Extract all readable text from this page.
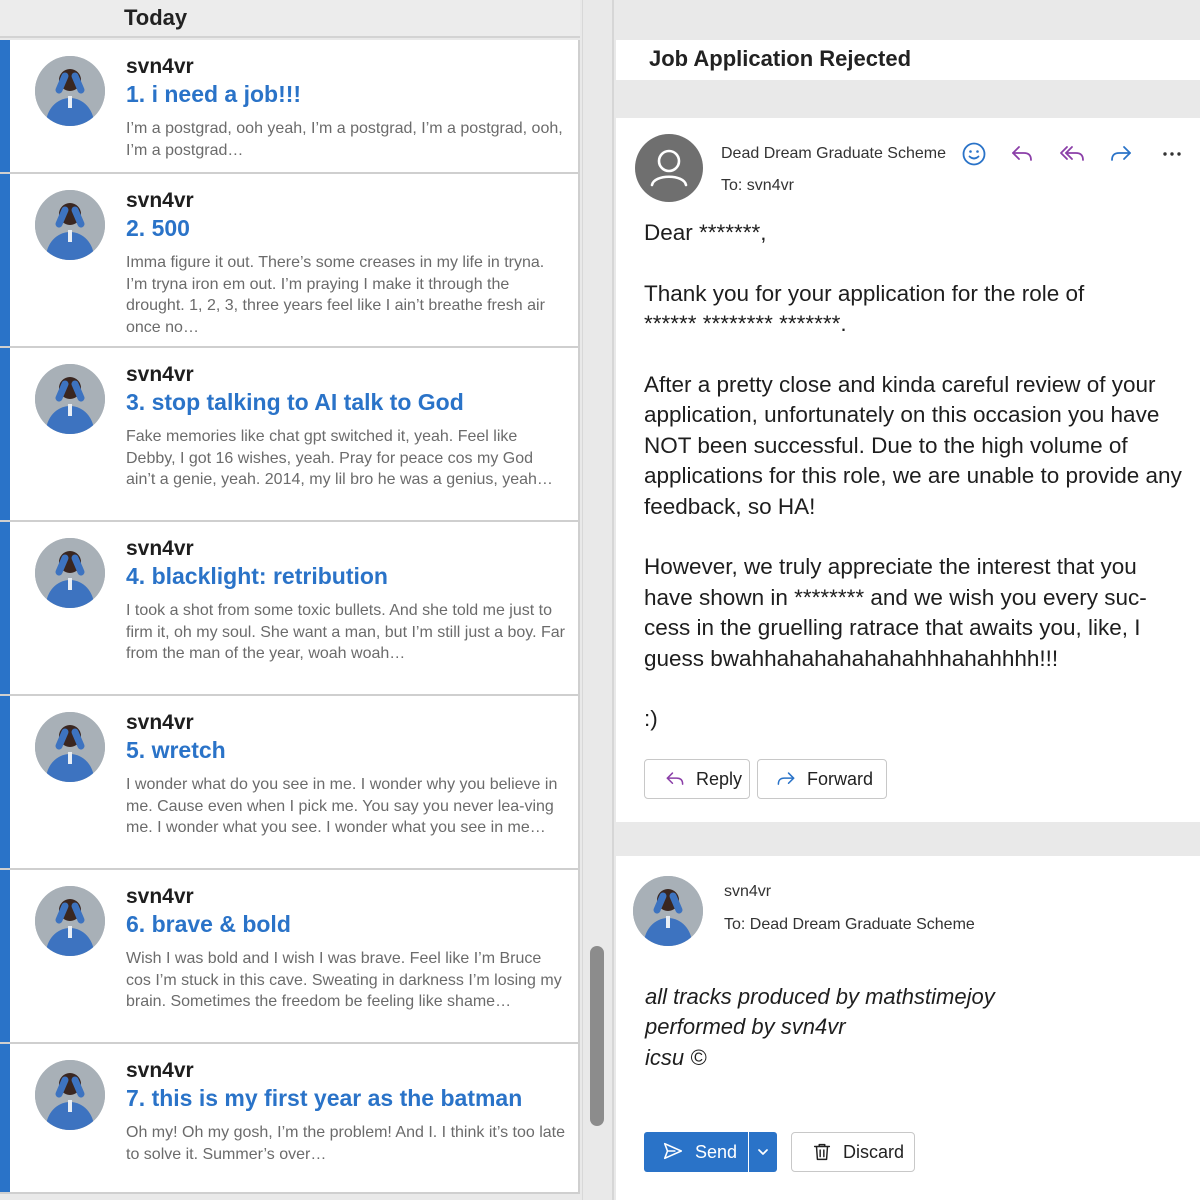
Today
svn4vr
1. i need a job!!!
I’m a postgrad, ooh yeah, I’m a postgrad, I’m a postgrad, ooh, I’m a postgrad…
svn4vr
2. 500
Imma figure it out. There’s some creases in my life in tryna. I’m tryna iron em out. I’m praying I make it through the drought. 1, 2, 3, three years feel like I ain’t breathe fresh air once no…
svn4vr
3. stop talking to AI talk to God
Fake memories like chat gpt switched it, yeah. Feel like Debby, I got 16 wishes, yeah. Pray for peace cos my God ain’t a genie, yeah. 2014, my lil bro he was a genius, yeah…
svn4vr
4. blacklight: retribution
I took a shot from some toxic bullets. And she told me just to firm it, oh my soul. She want a man, but I’m still just a boy. Far from the man of the year, woah woah…
svn4vr
5. wretch
I wonder what do you see in me. I wonder why you believe in me. Cause even when I pick me. You say you never lea-ving me. I wonder what you see. I wonder what you see in me…
svn4vr
6. brave & bold
Wish I was bold and I wish I was brave. Feel like I’m Bruce cos I’m stuck in this cave. Sweating in darkness I’m losing my brain. Sometimes the freedom be feeling like shame…
svn4vr
7. this is my first year as the batman
Oh my! Oh my gosh, I’m the problem! And I. I think it’s too late to solve it. Summer’s over…
Job Application Rejected
Dead Dream Graduate Scheme
To: svn4vr

Dear *******,

Thank you for your application for the role of
****** ******** *******.

After a pretty close and kinda careful review of your application, unfortunately on this occasion you have NOT been successful. Due to the high volume of applications for this role, we are unable to provide any feedback, so HA!

However, we truly appreciate the interest that you have shown in ******** and we wish you every suc-cess in the gruelling ratrace that awaits you, like, I guess bwahhahahahahahahhhahahhhh!!!

:)

Reply	Forward
svn4vr
To: Dead Dream Graduate Scheme
all tracks produced by mathstimejoy
performed by svn4vr
icsu ©
Send	Discard
